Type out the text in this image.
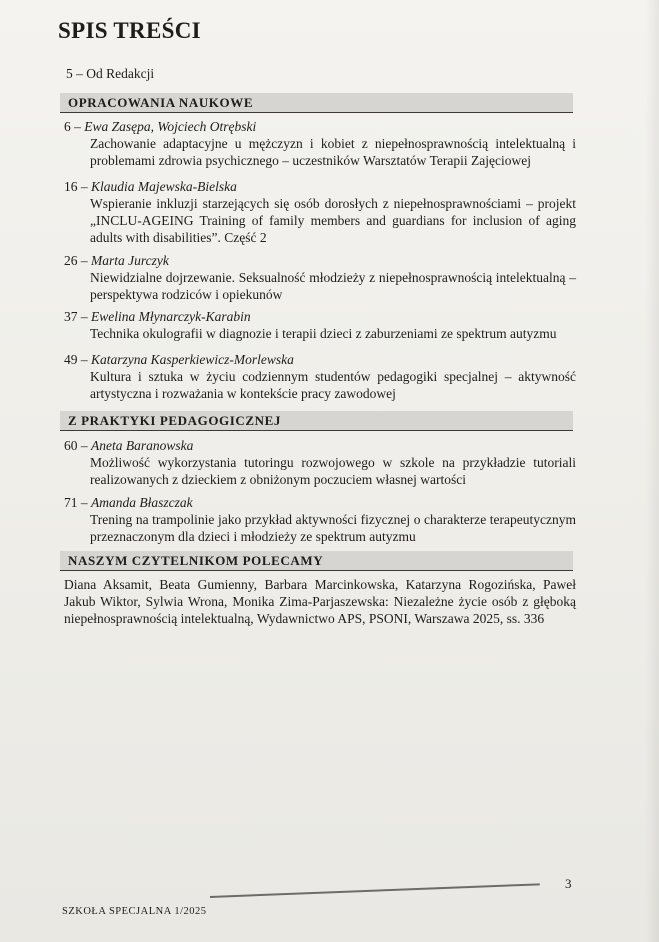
SPIS TREŚCI
5 – Od Redakcji
OPRACOWANIA NAUKOWE
6 – Ewa Zasępa, Wojciech Otrębski
Zachowanie adaptacyjne u mężczyzn i kobiet z niepełnosprawnością intelektualną i problemami zdrowia psychicznego – uczestników Warsztatów Terapii Zajęciowej
16 – Klaudia Majewska-Bielska
Wspieranie inkluzji starzejących się osób dorosłych z niepełnosprawnościami – projekt „INCLU-AGEING Training of family members and guardians for inclusion of aging adults with disabilities”. Część 2
26 – Marta Jurczyk
Niewidzialne dojrzewanie. Seksualność młodzieży z niepełnosprawnością intelektualną – perspektywa rodziców i opiekunów
37 – Ewelina Młynarczyk-Karabin
Technika okulografii w diagnozie i terapii dzieci z zaburzeniami ze spektrum autyzmu
49 – Katarzyna Kasperkiewicz-Morlewska
Kultura i sztuka w życiu codziennym studentów pedagogiki specjalnej – aktywność artystyczna i rozważania w kontekście pracy zawodowej
Z PRAKTYKI PEDAGOGICZNEJ
60 – Aneta Baranowska
Możliwość wykorzystania tutoringu rozwojowego w szkole na przykładzie tutoriali realizowanych z dzieckiem z obniżonym poczuciem własnej wartości
71 – Amanda Błaszczak
Trening na trampolinie jako przykład aktywności fizycznej o charakterze terapeutycznym przeznaczonym dla dzieci i młodzieży ze spektrum autyzmu
NASZYM CZYTELNIKOM POLECAMY
Diana Aksamit, Beata Gumienny, Barbara Marcinkowska, Katarzyna Rogozińska, Paweł Jakub Wiktor, Sylwia Wrona, Monika Zima-Parjaszewska: Niezależne życie osób z głęboką niepełnosprawnością intelektualną, Wydawnictwo APS, PSONI, Warszawa 2025, ss. 336
3
SZKOŁA SPECJALNA 1/2025
